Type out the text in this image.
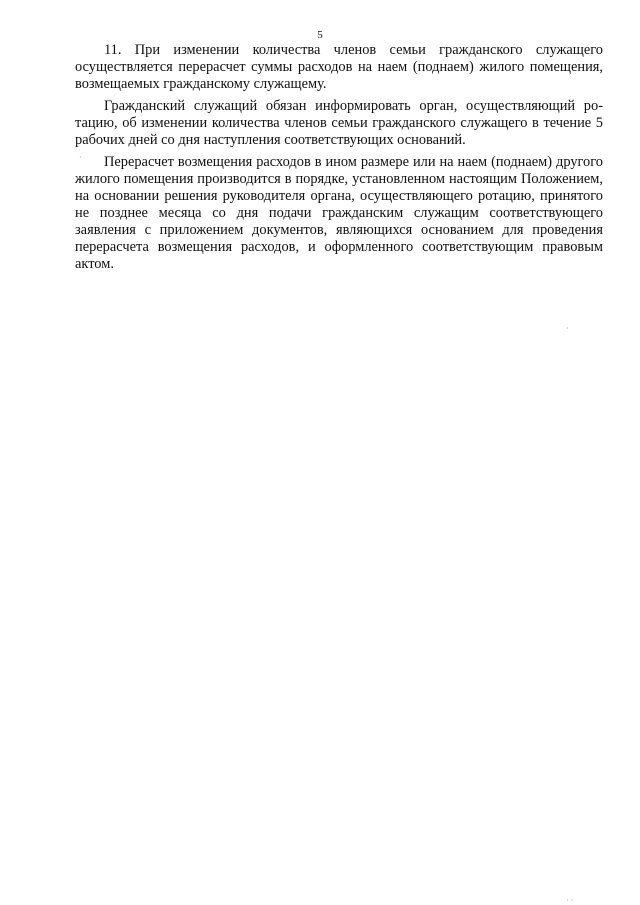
5

11. При изменении количества членов семьи гражданского служащего осуществляется перерасчет суммы расходов на наем (поднаем) жилого помещения, возмещаемых гражданскому служащему.

Гражданский служащий обязан информировать орган, осуществляющий ротацию, об изменении количества членов семьи гражданского служащего в течение 5 рабочих дней со дня наступления соответствующих оснований.

Перерасчет возмещения расходов в ином размере или на наем (поднаем) другого жилого помещения производится в порядке, установленном настоящим Положением, на основании решения руководителя органа, осуществляющего ротацию, принятого не позднее месяца со дня подачи гражданским служащим соответствующего заявления с приложением документов, являющихся основанием для проведения перерасчета возмещения расходов, и оформленного соответствующим правовым актом.

·
·
· ·
